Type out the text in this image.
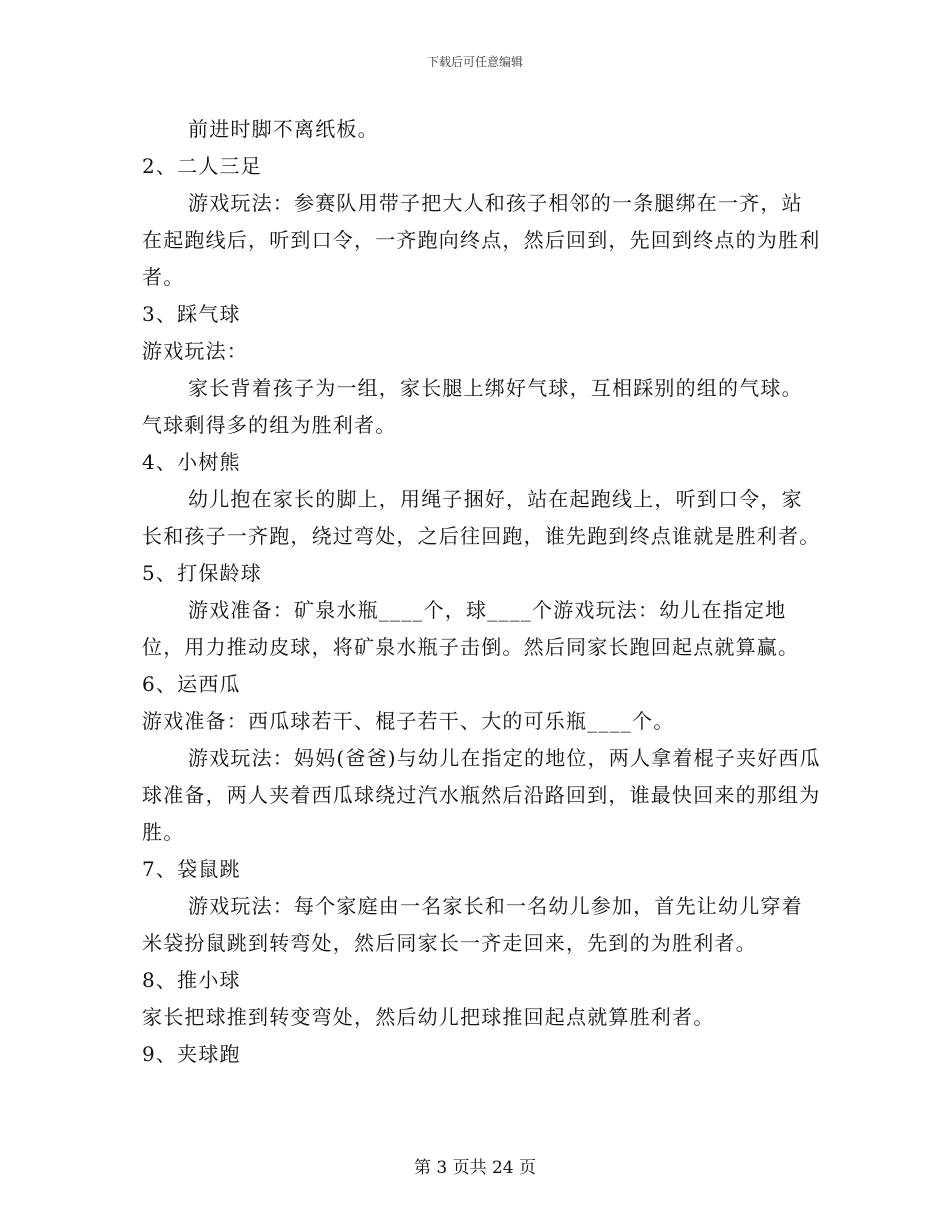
下载后可任意编辑

前进时脚不离纸板。

2、二人三足

游戏玩法：参赛队用带子把大人和孩子相邻的一条腿绑在一齐，站在起跑线后，听到口令，一齐跑向终点，然后回到，先回到终点的为胜利者。

3、踩气球

游戏玩法：

家长背着孩子为一组，家长腿上绑好气球，互相踩别的组的气球。气球剩得多的组为胜利者。

4、小树熊

幼儿抱在家长的脚上，用绳子捆好，站在起跑线上，听到口令，家长和孩子一齐跑，绕过弯处，之后往回跑，谁先跑到终点谁就是胜利者。

5、打保龄球

游戏准备：矿泉水瓶____个，球____个游戏玩法：幼儿在指定地位，用力推动皮球，将矿泉水瓶子击倒。然后同家长跑回起点就算赢。

6、运西瓜

游戏准备：西瓜球若干、棍子若干、大的可乐瓶____个。

游戏玩法：妈妈(爸爸)与幼儿在指定的地位，两人拿着棍子夹好西瓜球准备，两人夹着西瓜球绕过汽水瓶然后沿路回到，谁最快回来的那组为胜。

7、袋鼠跳

游戏玩法：每个家庭由一名家长和一名幼儿参加，首先让幼儿穿着米袋扮鼠跳到转弯处，然后同家长一齐走回来，先到的为胜利者。

8、推小球

家长把球推到转变弯处，然后幼儿把球推回起点就算胜利者。

9、夹球跑

第 3 页共 24 页
